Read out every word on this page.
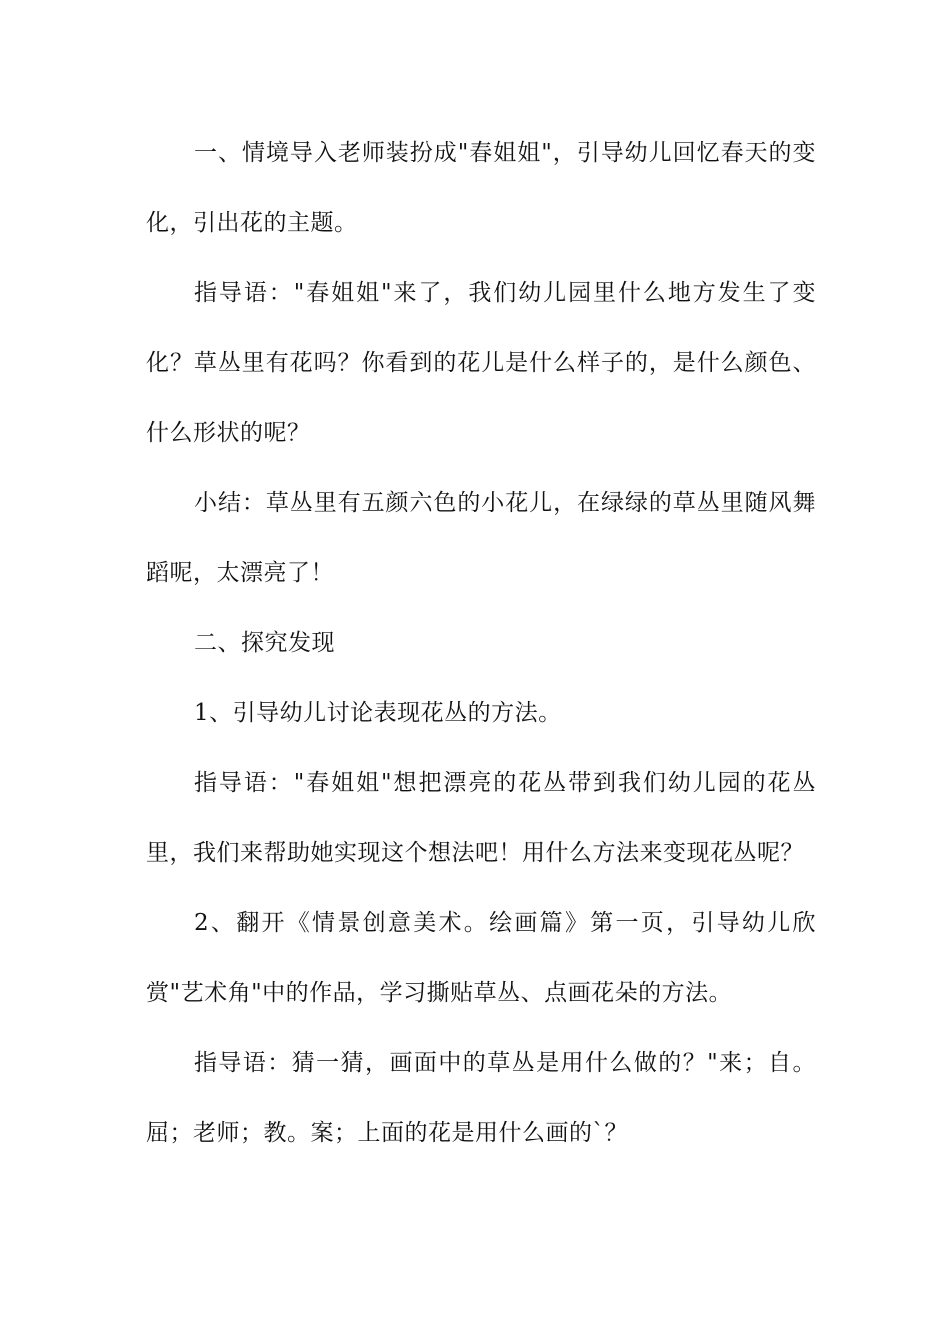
一、情境导入老师装扮成"春姐姐"，引导幼儿回忆春天的变化，引出花的主题。

指导语："春姐姐"来了，我们幼儿园里什么地方发生了变化？草丛里有花吗？你看到的花儿是什么样子的，是什么颜色、什么形状的呢？

小结：草丛里有五颜六色的小花儿，在绿绿的草丛里随风舞蹈呢，太漂亮了！

二、探究发现

1、引导幼儿讨论表现花丛的方法。

指导语："春姐姐"想把漂亮的花丛带到我们幼儿园的花丛里，我们来帮助她实现这个想法吧！用什么方法来变现花丛呢？

2、翻开《情景创意美术。绘画篇》第一页，引导幼儿欣赏"艺术角"中的作品，学习撕贴草丛、点画花朵的方法。

指导语：猜一猜，画面中的草丛是用什么做的？"来；自。屈；老师；教。案；上面的花是用什么画的`？
